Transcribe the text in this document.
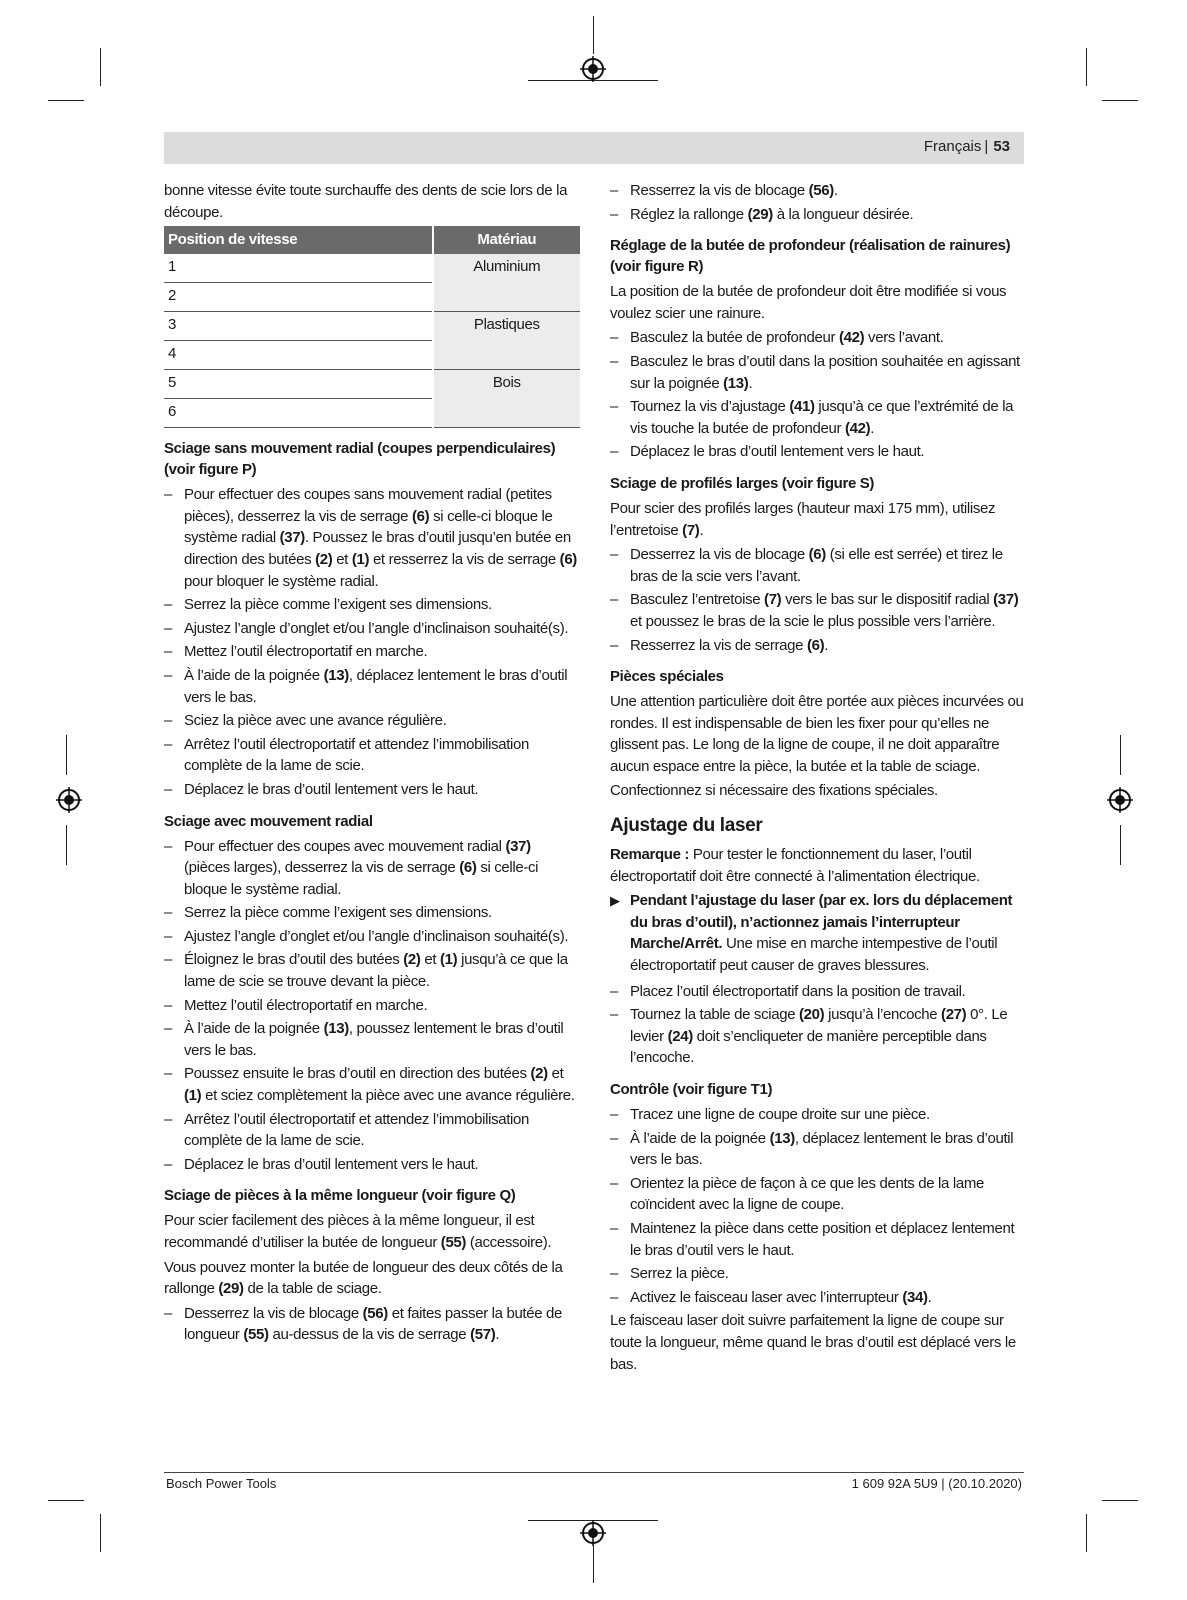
Français | 53

bonne vitesse évite toute surchauffe des dents de scie lors de la découpe.

Position de vitesse	Matériau
1	Aluminium
2	
3	Plastiques
4	
5	Bois
6	
Sciage sans mouvement radial (coupes perpendiculaires) (voir figure P)
– Pour effectuer des coupes sans mouvement radial (petites pièces), desserrez la vis de serrage (6) si celle-ci bloque le système radial (37). Poussez le bras d’outil jusqu’en butée en direction des butées (2) et (1) et resserrez la vis de serrage (6) pour bloquer le système radial.
– Serrez la pièce comme l’exigent ses dimensions.
– Ajustez l’angle d’onglet et/ou l’angle d’inclinaison souhaité(s).
– Mettez l’outil électroportatif en marche.
– À l’aide de la poignée (13), déplacez lentement le bras d’outil vers le bas.
– Sciez la pièce avec une avance régulière.
– Arrêtez l’outil électroportatif et attendez l’immobilisation complète de la lame de scie.
– Déplacez le bras d’outil lentement vers le haut.
Sciage avec mouvement radial
– Pour effectuer des coupes avec mouvement radial (37) (pièces larges), desserrez la vis de serrage (6) si celle-ci bloque le système radial.
– Serrez la pièce comme l’exigent ses dimensions.
– Ajustez l’angle d’onglet et/ou l’angle d’inclinaison souhaité(s).
– Éloignez le bras d’outil des butées (2) et (1) jusqu’à ce que la lame de scie se trouve devant la pièce.
– Mettez l’outil électroportatif en marche.
– À l’aide de la poignée (13), poussez lentement le bras d’outil vers le bas.
– Poussez ensuite le bras d’outil en direction des butées (2) et (1) et sciez complètement la pièce avec une avance régulière.
– Arrêtez l’outil électroportatif et attendez l’immobilisation complète de la lame de scie.
– Déplacez le bras d’outil lentement vers le haut.
Sciage de pièces à la même longueur (voir figure Q)

Pour scier facilement des pièces à la même longueur, il est recommandé d’utiliser la butée de longueur (55) (accessoire).

Vous pouvez monter la butée de longueur des deux côtés de la rallonge (29) de la table de sciage.

– Desserrez la vis de blocage (56) et faites passer la butée de longueur (55) au-dessus de la vis de serrage (57).
– Resserrez la vis de blocage (56).
– Réglez la rallonge (29) à la longueur désirée.
Réglage de la butée de profondeur (réalisation de rainures) (voir figure R)

La position de la butée de profondeur doit être modifiée si vous voulez scier une rainure.

– Basculez la butée de profondeur (42) vers l’avant.
– Basculez le bras d’outil dans la position souhaitée en agissant sur la poignée (13).
– Tournez la vis d’ajustage (41) jusqu’à ce que l’extrémité de la vis touche la butée de profondeur (42).
– Déplacez le bras d’outil lentement vers le haut.
Sciage de profilés larges (voir figure S)

Pour scier des profilés larges (hauteur maxi 175 mm), utilisez l’entretoise (7).

– Desserrez la vis de blocage (6) (si elle est serrée) et tirez le bras de la scie vers l’avant.
– Basculez l’entretoise (7) vers le bas sur le dispositif radial (37) et poussez le bras de la scie le plus possible vers l’arrière.
– Resserrez la vis de serrage (6).
Pièces spéciales

Une attention particulière doit être portée aux pièces incurvées ou rondes. Il est indispensable de bien les fixer pour qu’elles ne glissent pas. Le long de la ligne de coupe, il ne doit apparaître aucun espace entre la pièce, la butée et la table de sciage.

Confectionnez si nécessaire des fixations spéciales.

Ajustage du laser

Remarque : Pour tester le fonctionnement du laser, l’outil électroportatif doit être connecté à l’alimentation électrique.

▶ Pendant l’ajustage du laser (par ex. lors du déplacement du bras d’outil), n’actionnez jamais l’interrupteur Marche/Arrêt. Une mise en marche intempestive de l’outil électroportatif peut causer de graves blessures.
– Placez l’outil électroportatif dans la position de travail.
– Tournez la table de sciage (20) jusqu’à l’encoche (27) 0°. Le levier (24) doit s’encliqueter de manière perceptible dans l’encoche.
Contrôle (voir figure T1)
– Tracez une ligne de coupe droite sur une pièce.
– À l’aide de la poignée (13), déplacez lentement le bras d’outil vers le bas.
– Orientez la pièce de façon à ce que les dents de la lame coïncident avec la ligne de coupe.
– Maintenez la pièce dans cette position et déplacez lentement le bras d’outil vers le haut.
– Serrez la pièce.
– Activez le faisceau laser avec l’interrupteur (34).

Le faisceau laser doit suivre parfaitement la ligne de coupe sur toute la longueur, même quand le bras d’outil est déplacé vers le bas.

Bosch Power Tools	1 609 92A 5U9 | (20.10.2020)
